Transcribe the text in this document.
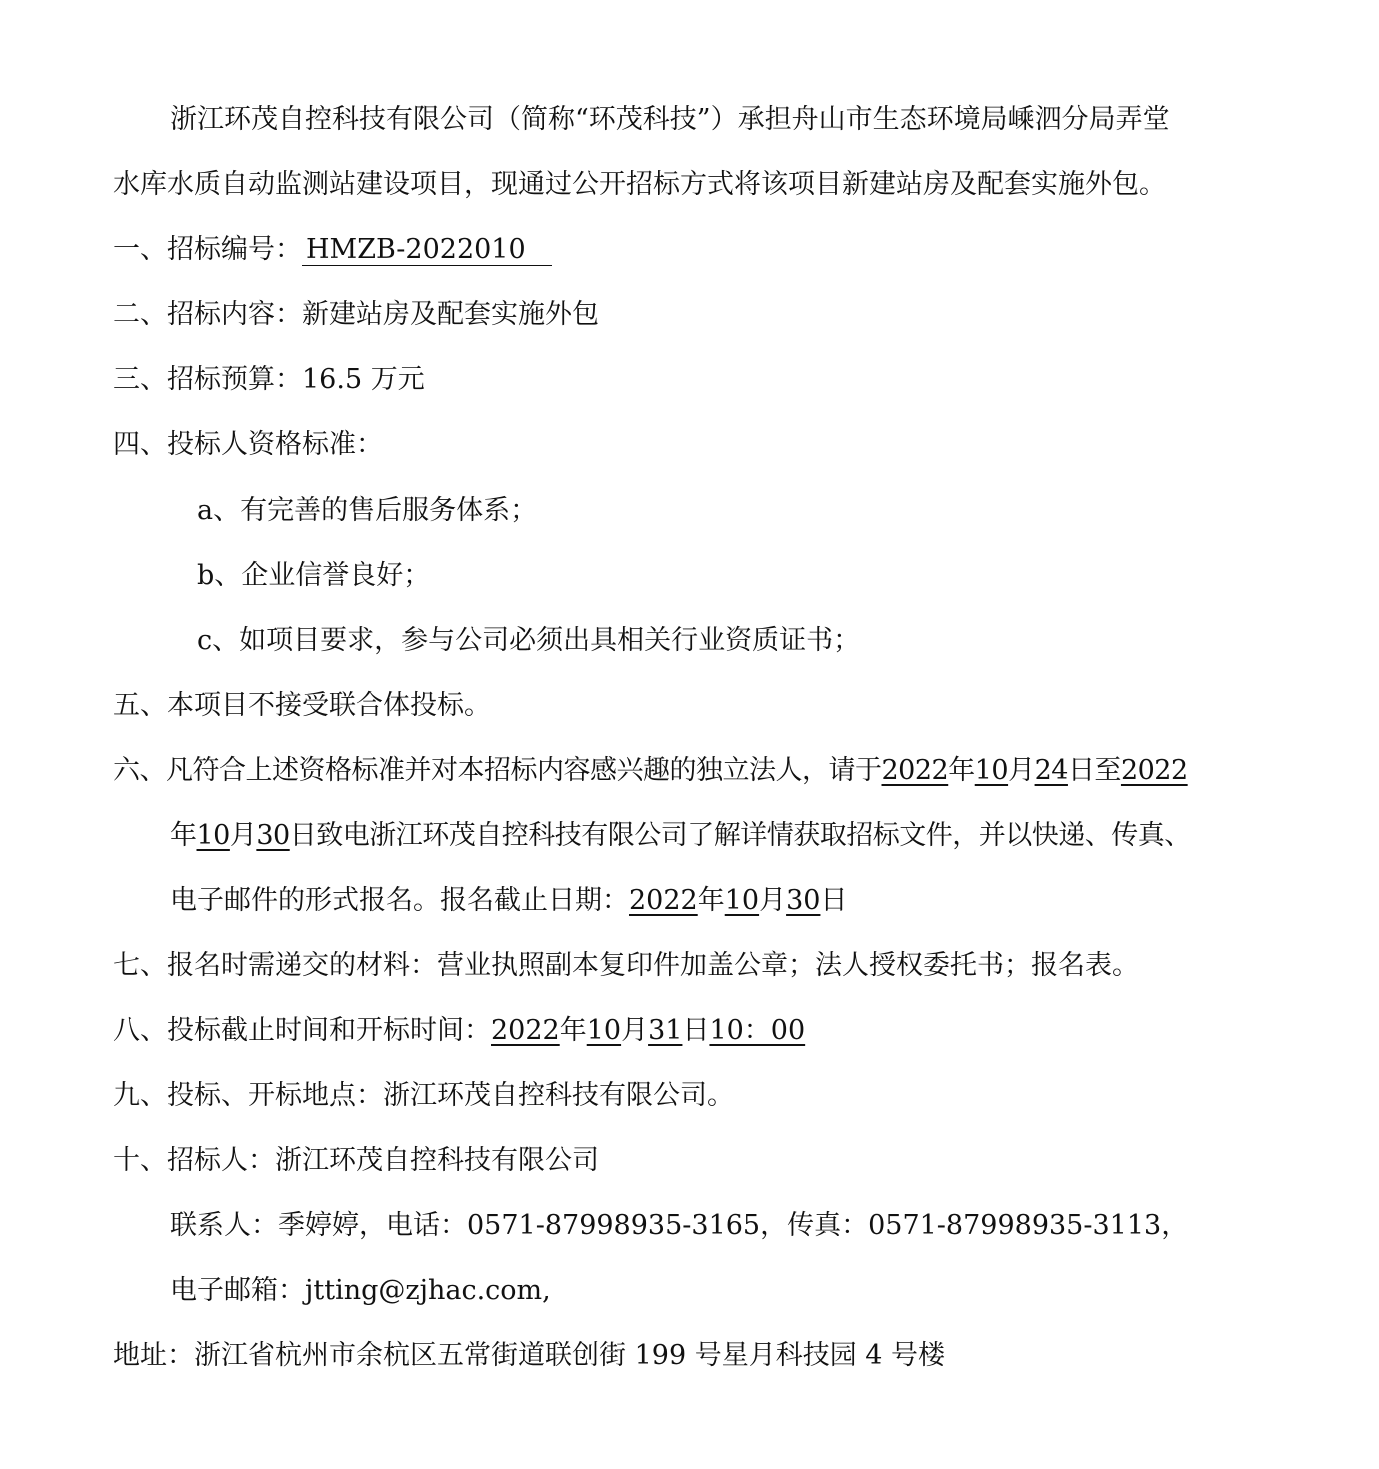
浙江环茂自控科技有限公司（简称“环茂科技”）承担舟山市生态环境局嵊泗分局弄堂
水库水质自动监测站建设项目，现通过公开招标方式将该项目新建站房及配套实施外包。
一、招标编号： HMZB-2022010
二、招标内容：新建站房及配套实施外包
三、招标预算：16.5 万元
四、投标人资格标准：
a、有完善的售后服务体系；
b、企业信誉良好；
c、如项目要求，参与公司必须出具相关行业资质证书；
五、本项目不接受联合体投标。
六、凡符合上述资格标准并对本招标内容感兴趣的独立法人，请于2022年10月24日至2022
年10月30日致电浙江环茂自控科技有限公司了解详情获取招标文件，并以快递、传真、
电子邮件的形式报名。报名截止日期：2022年10月30日
七、报名时需递交的材料：营业执照副本复印件加盖公章；法人授权委托书；报名表。
八、投标截止时间和开标时间：2022年10月31日10：00
九、投标、开标地点：浙江环茂自控科技有限公司。
十、招标人：浙江环茂自控科技有限公司
联系人：季婷婷，电话：0571-87998935-3165，传真：0571-87998935-3113，
电子邮箱：jtting@zjhac.com,
地址：浙江省杭州市余杭区五常街道联创街 199 号星月科技园 4 号楼
